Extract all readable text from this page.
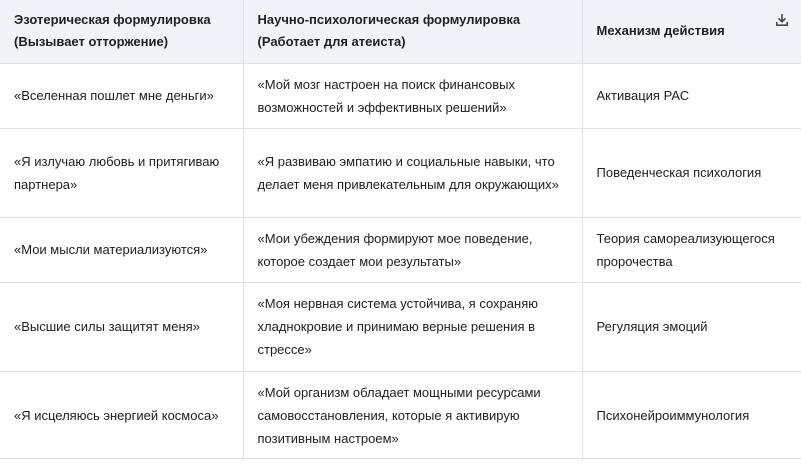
Эзотерическая формулировка (Вызывает отторжение)	Научно-психологическая формулировка (Работает для атеиста)	Механизм действия
«Вселенная пошлет мне деньги»	«Мой мозг настроен на поиск финансовых возможностей и эффективных решений»	Активация РАС
«Я излучаю любовь и притягиваю партнера»	«Я развиваю эмпатию и социальные навыки, что делает меня привлекательным для окружающих»	Поведенческая психология
«Мои мысли материализуются»	«Мои убеждения формируют мое поведение, которое создает мои результаты»	Теория самореализующегося пророчества
«Высшие силы защитят меня»	«Моя нервная система устойчива, я сохраняю хладнокровие и принимаю верные решения в стрессе»	Регуляция эмоций
«Я исцеляюсь энергией космоса»	«Мой организм обладает мощными ресурсами самовосстановления, которые я активирую позитивным настроем»	Психонейроиммунология
